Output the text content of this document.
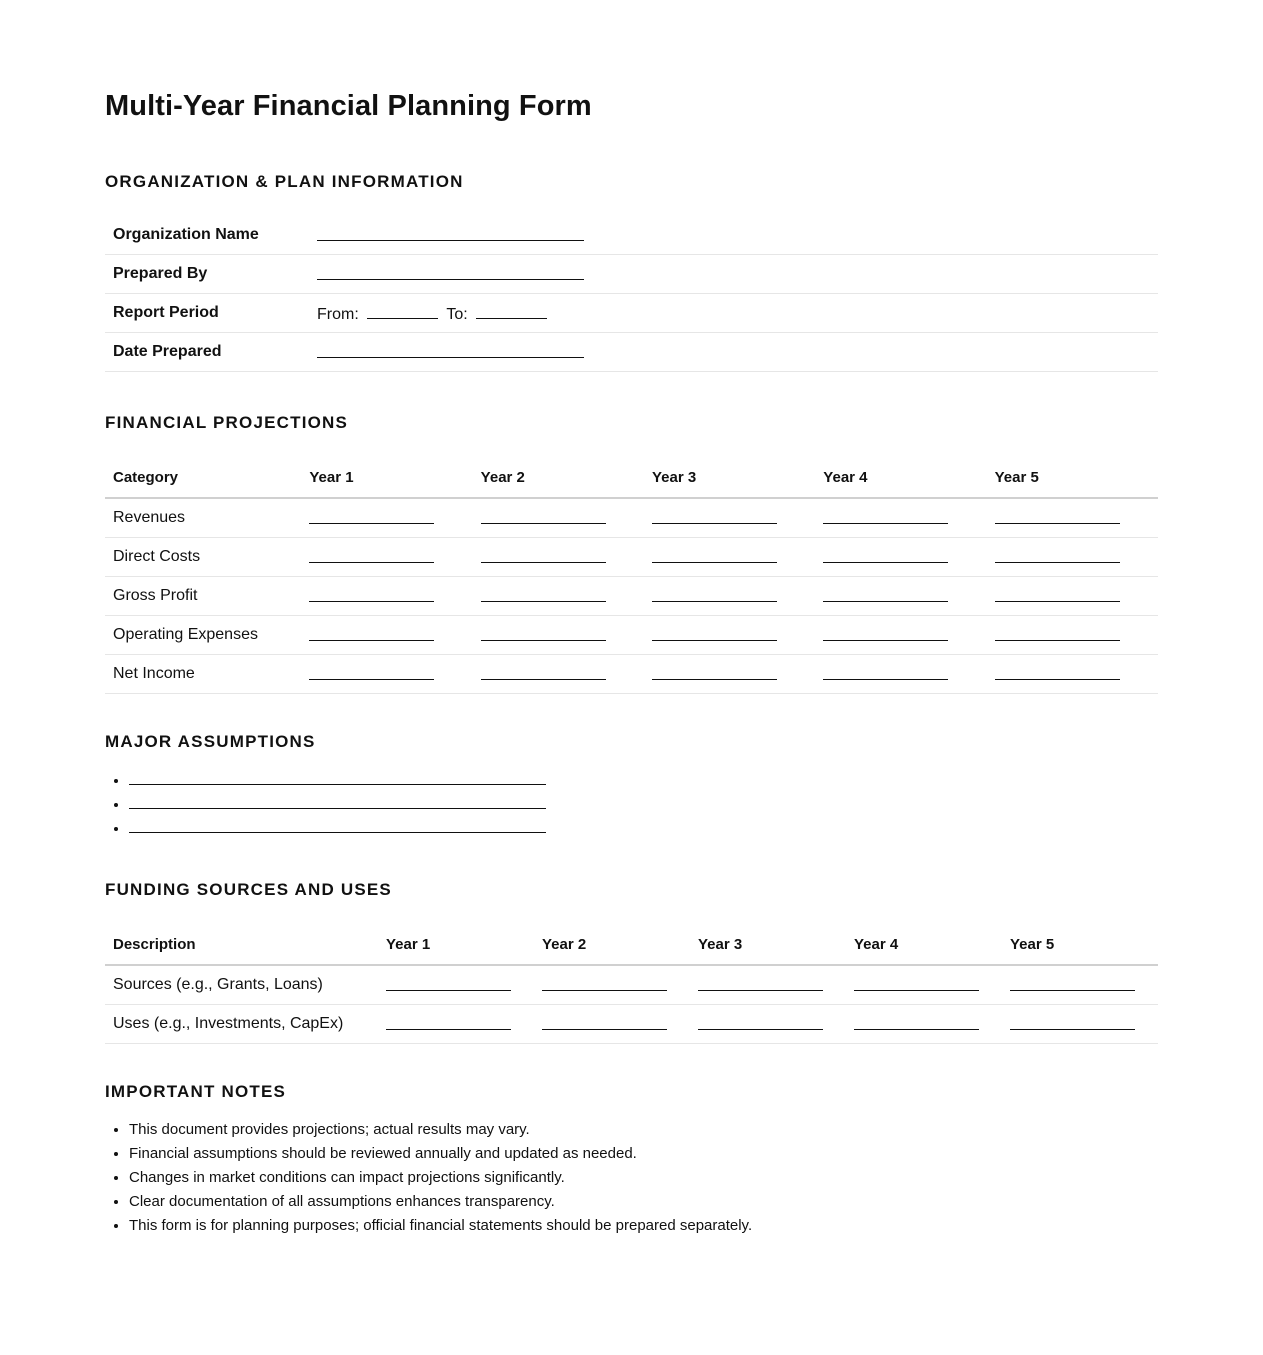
Multi-Year Financial Planning Form
ORGANIZATION & PLAN INFORMATION
Organization Name	
Prepared By	
Report Period	From: To:
Date Prepared	
FINANCIAL PROJECTIONS
Category	Year 1	Year 2	Year 3	Year 4	Year 5
Revenues					
Direct Costs					
Gross Profit					
Operating Expenses					
Net Income					
MAJOR ASSUMPTIONS
•
•
•
FUNDING SOURCES AND USES
Description	Year 1	Year 2	Year 3	Year 4	Year 5
Sources (e.g., Grants, Loans)					
Uses (e.g., Investments, CapEx)					
IMPORTANT NOTES
• This document provides projections; actual results may vary.
• Financial assumptions should be reviewed annually and updated as needed.
• Changes in market conditions can impact projections significantly.
• Clear documentation of all assumptions enhances transparency.
• This form is for planning purposes; official financial statements should be prepared separately.
